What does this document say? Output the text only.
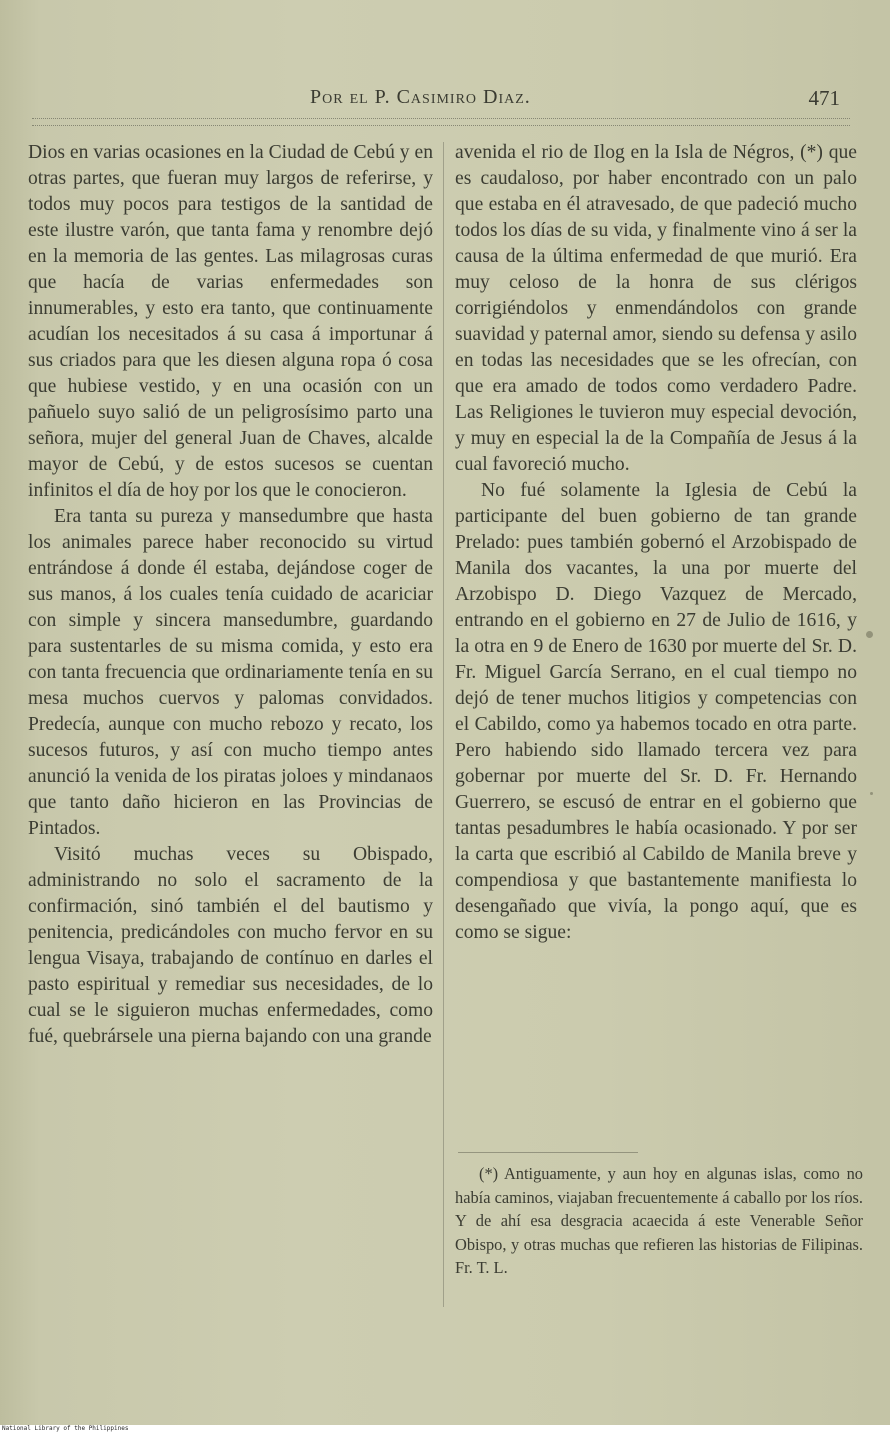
Por el P. Casimiro Diaz.	471

Dios en varias ocasiones en la Ciudad de Cebú y en otras partes, que fueran muy largos de referirse, y todos muy pocos para testigos de la santidad de este ilustre varón, que tanta fama y renombre dejó en la memoria de las gentes. Las milagrosas curas que hacía de varias enfermedades son innumerables, y esto era tanto, que continuamente acudían los necesitados á su casa á importunar á sus criados para que les diesen alguna ropa ó cosa que hubiese vestido, y en una ocasión con un pañuelo suyo salió de un peligrosísimo parto una señora, mujer del general Juan de Chaves, alcalde mayor de Cebú, y de estos sucesos se cuentan infinitos el día de hoy por los que le conocieron.

Era tanta su pureza y mansedumbre que hasta los animales parece haber reconocido su virtud entrándose á donde él estaba, dejándose coger de sus manos, á los cuales tenía cuidado de acariciar con simple y sincera mansedumbre, guardando para sustentarles de su misma comida, y esto era con tanta frecuencia que ordinariamente tenía en su mesa muchos cuervos y palomas convidados. Predecía, aunque con mucho rebozo y recato, los sucesos futuros, y así con mucho tiempo antes anunció la venida de los piratas joloes y mindanaos que tanto daño hicieron en las Provincias de Pintados.

Visitó muchas veces su Obispado, administrando no solo el sacramento de la confirmación, sinó también el del bautismo y penitencia, predicándoles con mucho fervor en su lengua Visaya, trabajando de contínuo en darles el pasto espiritual y remediar sus necesidades, de lo cual se le siguieron muchas enfermedades, como fué, quebrársele una pierna bajando con una grande

avenida el rio de Ilog en la Isla de Négros, (*) que es caudaloso, por haber encontrado con un palo que estaba en él atravesado, de que padeció mucho todos los días de su vida, y finalmente vino á ser la causa de la última enfermedad de que murió. Era muy celoso de la honra de sus clérigos corrigiéndolos y enmendándolos con grande suavidad y paternal amor, siendo su defensa y asilo en todas las necesidades que se les ofrecían, con que era amado de todos como verdadero Padre. Las Religiones le tuvieron muy especial devoción, y muy en especial la de la Compañía de Jesus á la cual favoreció mucho.

No fué solamente la Iglesia de Cebú la participante del buen gobierno de tan grande Prelado: pues también gobernó el Arzobispado de Manila dos vacantes, la una por muerte del Arzobispo D. Diego Vazquez de Mercado, entrando en el gobierno en 27 de Julio de 1616, y la otra en 9 de Enero de 1630 por muerte del Sr. D. Fr. Miguel García Serrano, en el cual tiempo no dejó de tener muchos litigios y competencias con el Cabildo, como ya habemos tocado en otra parte. Pero habiendo sido llamado tercera vez para gobernar por muerte del Sr. D. Fr. Hernando Guerrero, se escusó de entrar en el gobierno que tantas pesadumbres le había ocasionado. Y por ser la carta que escribió al Cabildo de Manila breve y compendiosa y que bastantemente manifiesta lo desengañado que vivía, la pongo aquí, que es como se sigue:

(*) Antiguamente, y aun hoy en algunas islas, como no había caminos, viajaban frecuentemente á caballo por los ríos. Y de ahí esa desgracia acaecida á este Venerable Señor Obispo, y otras muchas que refieren las historias de Filipinas. Fr. T. L.
National Library of the Philippines
